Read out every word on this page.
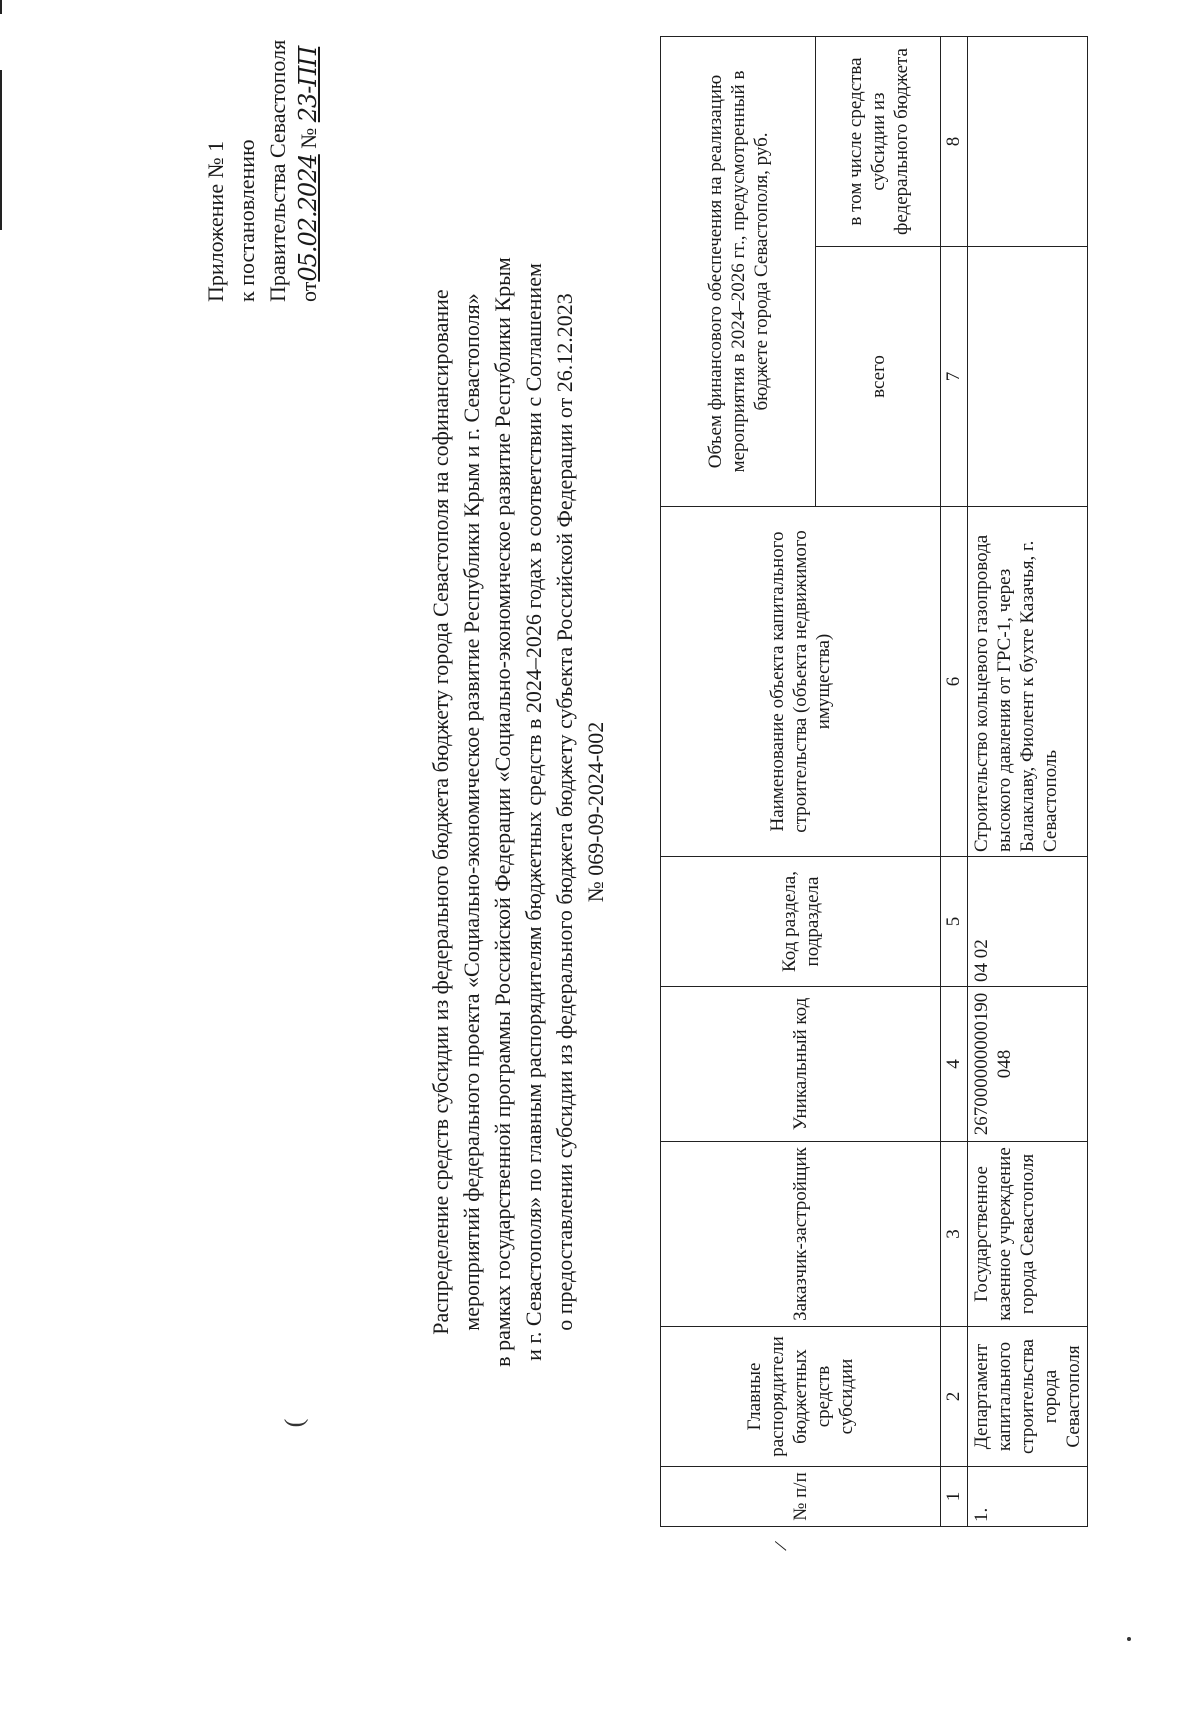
(
Приложение № 1 к постановлению Правительства Севастополя от05.02.2024 № 23-ПП
Распределение средств субсидии из федерального бюджета бюджету города Севастополя на софинансирование мероприятий федерального проекта «Социально-экономическое развитие Республики Крым и г. Севастополя» в рамках государственной программы Российской Федерации «Социально-экономическое развитие Республики Крым и г. Севастополя» по главным распорядителям бюджетных средств в 2024–2026 годах в соответствии с Соглашением о предоставлении субсидии из федерального бюджета бюджету субъекта Российской Федерации от 26.12.2023 № 069-09-2024-002
№ п/п	Главные распорядители бюджетных средств субсидии	Заказчик-застройщик	Уникальный код	Код раздела, подраздела	Наименование объекта капитального строительства (объекта недвижимого имущества)	Объем финансового обеспечения на реализацию мероприятия в 2024–2026 гг., предусмотренный в бюджете города Севастополя, руб.	
						всего	в том числе средства субсидии из федерального бюджета
1	2	3	4	5	6	7	8
1.	Департамент капитального строительства города Севастополя	Государственное казенное учреждение города Севастополя	267000000000190048	04 02	Строительство кольцевого газопровода высокого давления от ГРС-1, через Балаклаву, Фиолент к бухте Казачья, г. Севастополь		
/
